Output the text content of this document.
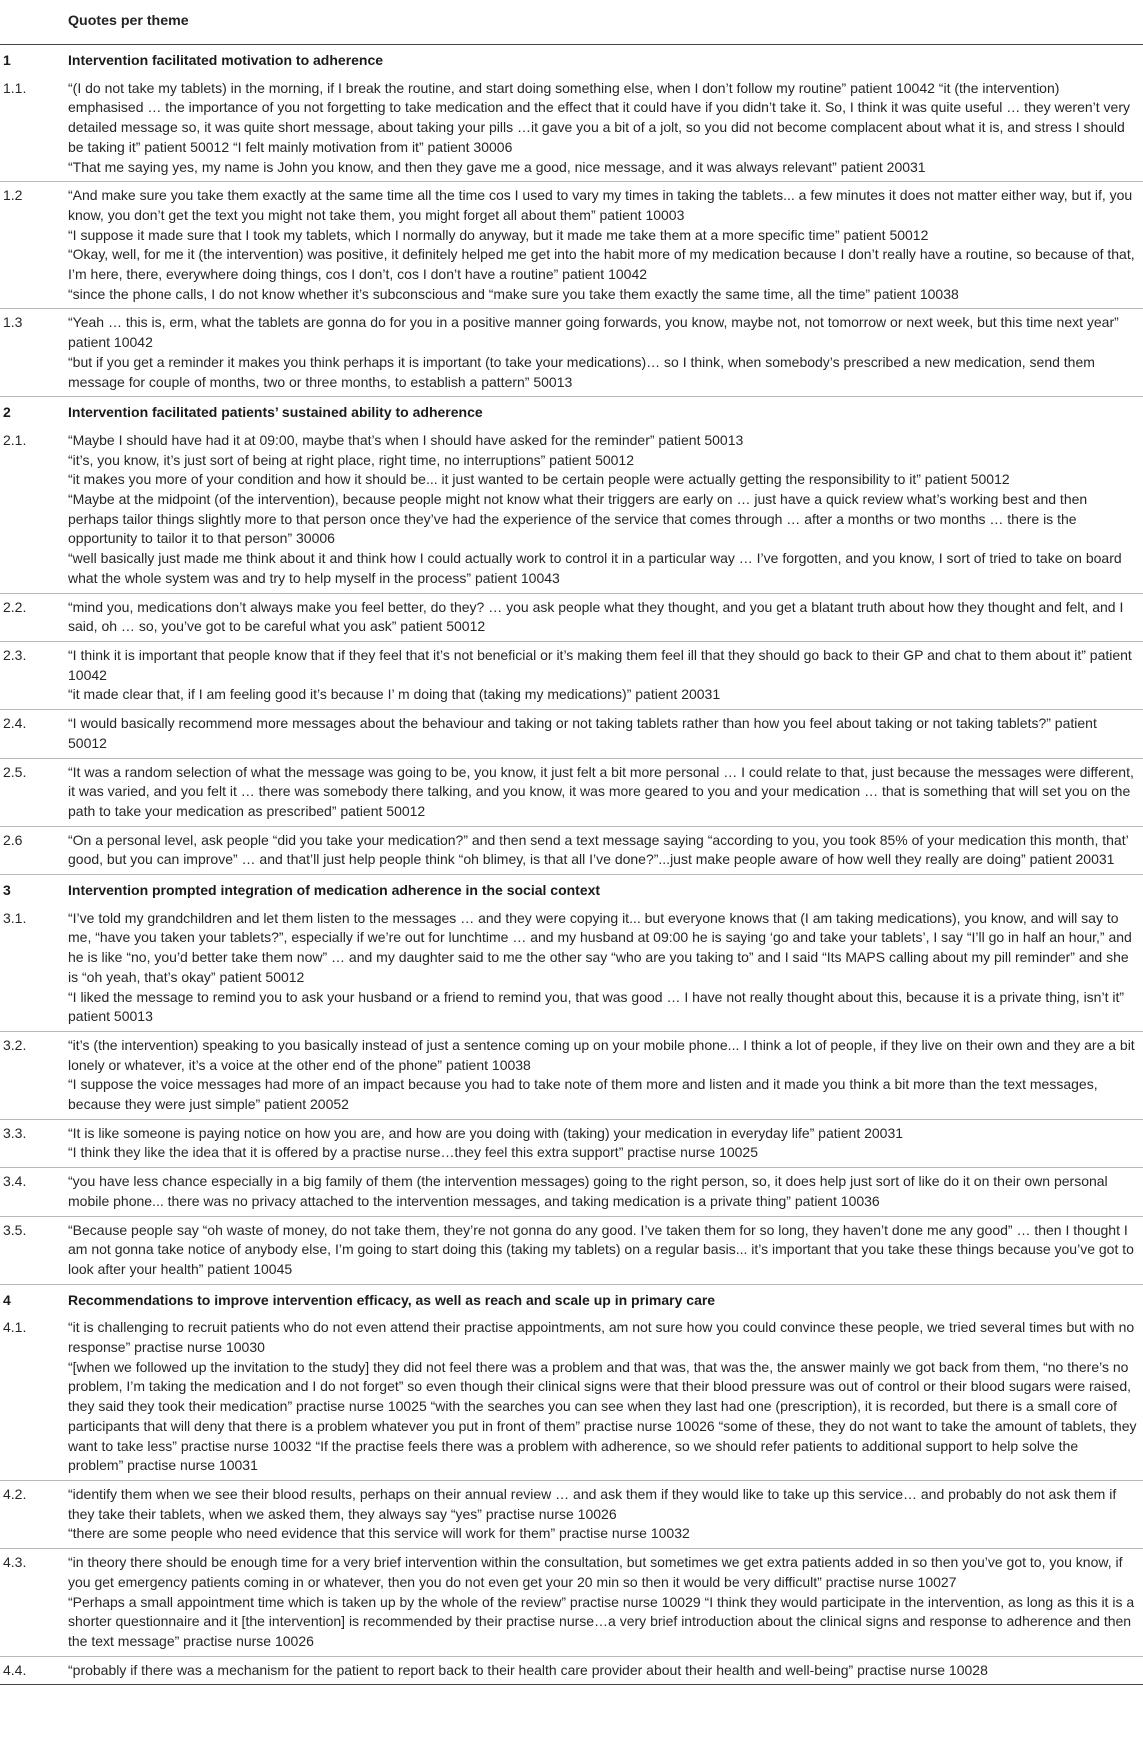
	Quotes per theme
1	Intervention facilitated motivation to adherence
1.1.	“(I do not take my tablets) in the morning, if I break the routine, and start doing something else, when I don’t follow my routine” patient 10042 “it (the intervention) emphasised … the importance of you not forgetting to take medication and the effect that it could have if you didn’t take it. So, I think it was quite useful … they weren’t very detailed message so, it was quite short message, about taking your pills …it gave you a bit of a jolt, so you did not become complacent about what it is, and stress I should be taking it” patient 50012 “I felt mainly motivation from it” patient 30006
“That me saying yes, my name is John you know, and then they gave me a good, nice message, and it was always relevant” patient 20031

1.2	“And make sure you take them exactly at the same time all the time cos I used to vary my times in taking the tablets... a few minutes it does not matter either way, but if, you know, you don’t get the text you might not take them, you might forget all about them” patient 10003
“I suppose it made sure that I took my tablets, which I normally do anyway, but it made me take them at a more specific time” patient 50012
“Okay, well, for me it (the intervention) was positive, it definitely helped me get into the habit more of my medication because I don’t really have a routine, so because of that, I’m here, there, everywhere doing things, cos I don’t, cos I don’t have a routine” patient 10042
“since the phone calls, I do not know whether it’s subconscious and “make sure you take them exactly the same time, all the time” patient 10038

1.3	“Yeah … this is, erm, what the tablets are gonna do for you in a positive manner going forwards, you know, maybe not, not tomorrow or next week, but this time next year” patient 10042
“but if you get a reminder it makes you think perhaps it is important (to take your medications)… so I think, when somebody’s prescribed a new medication, send them message for couple of months, two or three months, to establish a pattern” 50013

2	Intervention facilitated patients’ sustained ability to adherence
2.1.	“Maybe I should have had it at 09:00, maybe that’s when I should have asked for the reminder” patient 50013
“it’s, you know, it’s just sort of being at right place, right time, no interruptions” patient 50012
“it makes you more of your condition and how it should be... it just wanted to be certain people were actually getting the responsibility to it” patient 50012
“Maybe at the midpoint (of the intervention), because people might not know what their triggers are early on … just have a quick review what’s working best and then perhaps tailor things slightly more to that person once they’ve had the experience of the service that comes through … after a months or two months … there is the opportunity to tailor it to that person” 30006
“well basically just made me think about it and think how I could actually work to control it in a particular way … I’ve forgotten, and you know, I sort of tried to take on board what the whole system was and try to help myself in the process” patient 10043

2.2.	“mind you, medications don’t always make you feel better, do they? … you ask people what they thought, and you get a blatant truth about how they thought and felt, and I said, oh … so, you’ve got to be careful what you ask” patient 50012

2.3.	“I think it is important that people know that if they feel that it’s not beneficial or it’s making them feel ill that they should go back to their GP and chat to them about it” patient 10042
“it made clear that, if I am feeling good it’s because I’ m doing that (taking my medications)” patient 20031

2.4.	“I would basically recommend more messages about the behaviour and taking or not taking tablets rather than how you feel about taking or not taking tablets?” patient 50012

2.5.	“It was a random selection of what the message was going to be, you know, it just felt a bit more personal … I could relate to that, just because the messages were different, it was varied, and you felt it … there was somebody there talking, and you know, it was more geared to you and your medication … that is something that will set you on the path to take your medication as prescribed” patient 50012

2.6	“On a personal level, ask people “did you take your medication?” and then send a text message saying “according to you, you took 85% of your medication this month, that’ good, but you can improve” … and that’ll just help people think “oh blimey, is that all I’ve done?”...just make people aware of how well they really are doing” patient 20031

3	Intervention prompted integration of medication adherence in the social context
3.1.	“I’ve told my grandchildren and let them listen to the messages … and they were copying it... but everyone knows that (I am taking medications), you know, and will say to me, “have you taken your tablets?”, especially if we’re out for lunchtime … and my husband at 09:00 he is saying ‘go and take your tablets’, I say “I’ll go in half an hour,” and he is like “no, you’d better take them now” … and my daughter said to me the other say “who are you taking to” and I said “Its MAPS calling about my pill reminder” and she is “oh yeah, that’s okay” patient 50012
“I liked the message to remind you to ask your husband or a friend to remind you, that was good … I have not really thought about this, because it is a private thing, isn’t it” patient 50013

3.2.	“it’s (the intervention) speaking to you basically instead of just a sentence coming up on your mobile phone... I think a lot of people, if they live on their own and they are a bit lonely or whatever, it’s a voice at the other end of the phone” patient 10038
“I suppose the voice messages had more of an impact because you had to take note of them more and listen and it made you think a bit more than the text messages, because they were just simple” patient 20052

3.3.	“It is like someone is paying notice on how you are, and how are you doing with (taking) your medication in everyday life” patient 20031
“I think they like the idea that it is offered by a practise nurse…they feel this extra support” practise nurse 10025

3.4.	“you have less chance especially in a big family of them (the intervention messages) going to the right person, so, it does help just sort of like do it on their own personal mobile phone... there was no privacy attached to the intervention messages, and taking medication is a private thing” patient 10036

3.5.	“Because people say “oh waste of money, do not take them, they’re not gonna do any good. I’ve taken them for so long, they haven’t done me any good” … then I thought I am not gonna take notice of anybody else, I’m going to start doing this (taking my tablets) on a regular basis... it’s important that you take these things because you’ve got to look after your health” patient 10045

4	Recommendations to improve intervention efficacy, as well as reach and scale up in primary care
4.1.	“it is challenging to recruit patients who do not even attend their practise appointments, am not sure how you could convince these people, we tried several times but with no response” practise nurse 10030
“[when we followed up the invitation to the study] they did not feel there was a problem and that was, that was the, the answer mainly we got back from them, “no there’s no problem, I’m taking the medication and I do not forget” so even though their clinical signs were that their blood pressure was out of control or their blood sugars were raised, they said they took their medication” practise nurse 10025 “with the searches you can see when they last had one (prescription), it is recorded, but there is a small core of participants that will deny that there is a problem whatever you put in front of them” practise nurse 10026 “some of these, they do not want to take the amount of tablets, they want to take less” practise nurse 10032 “If the practise feels there was a problem with adherence, so we should refer patients to additional support to help solve the problem” practise nurse 10031

4.2.	“identify them when we see their blood results, perhaps on their annual review … and ask them if they would like to take up this service… and probably do not ask them if they take their tablets, when we asked them, they always say “yes” practise nurse 10026
“there are some people who need evidence that this service will work for them” practise nurse 10032

4.3.	“in theory there should be enough time for a very brief intervention within the consultation, but sometimes we get extra patients added in so then you’ve got to, you know, if you get emergency patients coming in or whatever, then you do not even get your 20 min so then it would be very difficult” practise nurse 10027
“Perhaps a small appointment time which is taken up by the whole of the review” practise nurse 10029 “I think they would participate in the intervention, as long as this it is a shorter questionnaire and it [the intervention] is recommended by their practise nurse…a very brief introduction about the clinical signs and response to adherence and then the text message” practise nurse 10026

4.4.	“probably if there was a mechanism for the patient to report back to their health care provider about their health and well-being” practise nurse 10028
